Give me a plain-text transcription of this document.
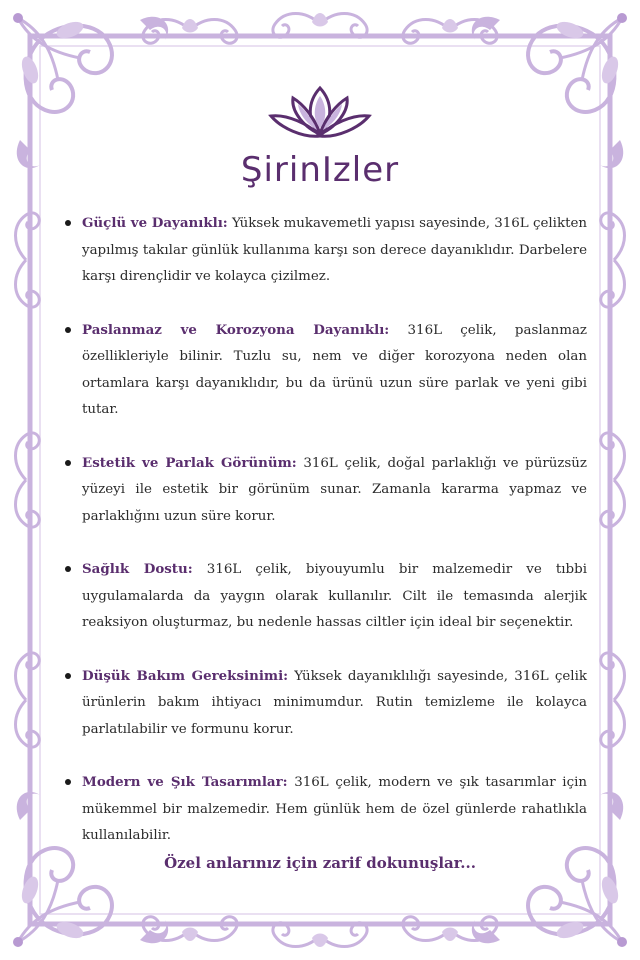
ŞirinIzler

Güçlü ve Dayanıklı: Yüksek mukavemetli yapısı sayesinde, 316L çelikten yapılmış takılar günlük kullanıma karşı son derece dayanıklıdır. Darbelere karşı dirençlidir ve kolayca çizilmez.

Paslanmaz ve Korozyona Dayanıklı: 316L çelik, paslanmaz özellikleriyle bilinir. Tuzlu su, nem ve diğer korozyona neden olan ortamlara karşı dayanıklıdır, bu da ürünü uzun süre parlak ve yeni gibi tutar.

Estetik ve Parlak Görünüm: 316L çelik, doğal parlaklığı ve pürüzsüz yüzeyi ile estetik bir görünüm sunar. Zamanla kararma yapmaz ve parlaklığını uzun süre korur.

Sağlık Dostu: 316L çelik, biyouyumlu bir malzemedir ve tıbbi uygulamalarda da yaygın olarak kullanılır. Cilt ile temasında alerjik reaksiyon oluşturmaz, bu nedenle hassas ciltler için ideal bir seçenektir.

Düşük Bakım Gereksinimi: Yüksek dayanıklılığı sayesinde, 316L çelik ürünlerin bakım ihtiyacı minimumdur. Rutin temizleme ile kolayca parlatılabilir ve formunu korur.

Modern ve Şık Tasarımlar: 316L çelik, modern ve şık tasarımlar için mükemmel bir malzemedir. Hem günlük hem de özel günlerde rahatlıkla kullanılabilir.

Özel anlarınız için zarif dokunuşlar...
